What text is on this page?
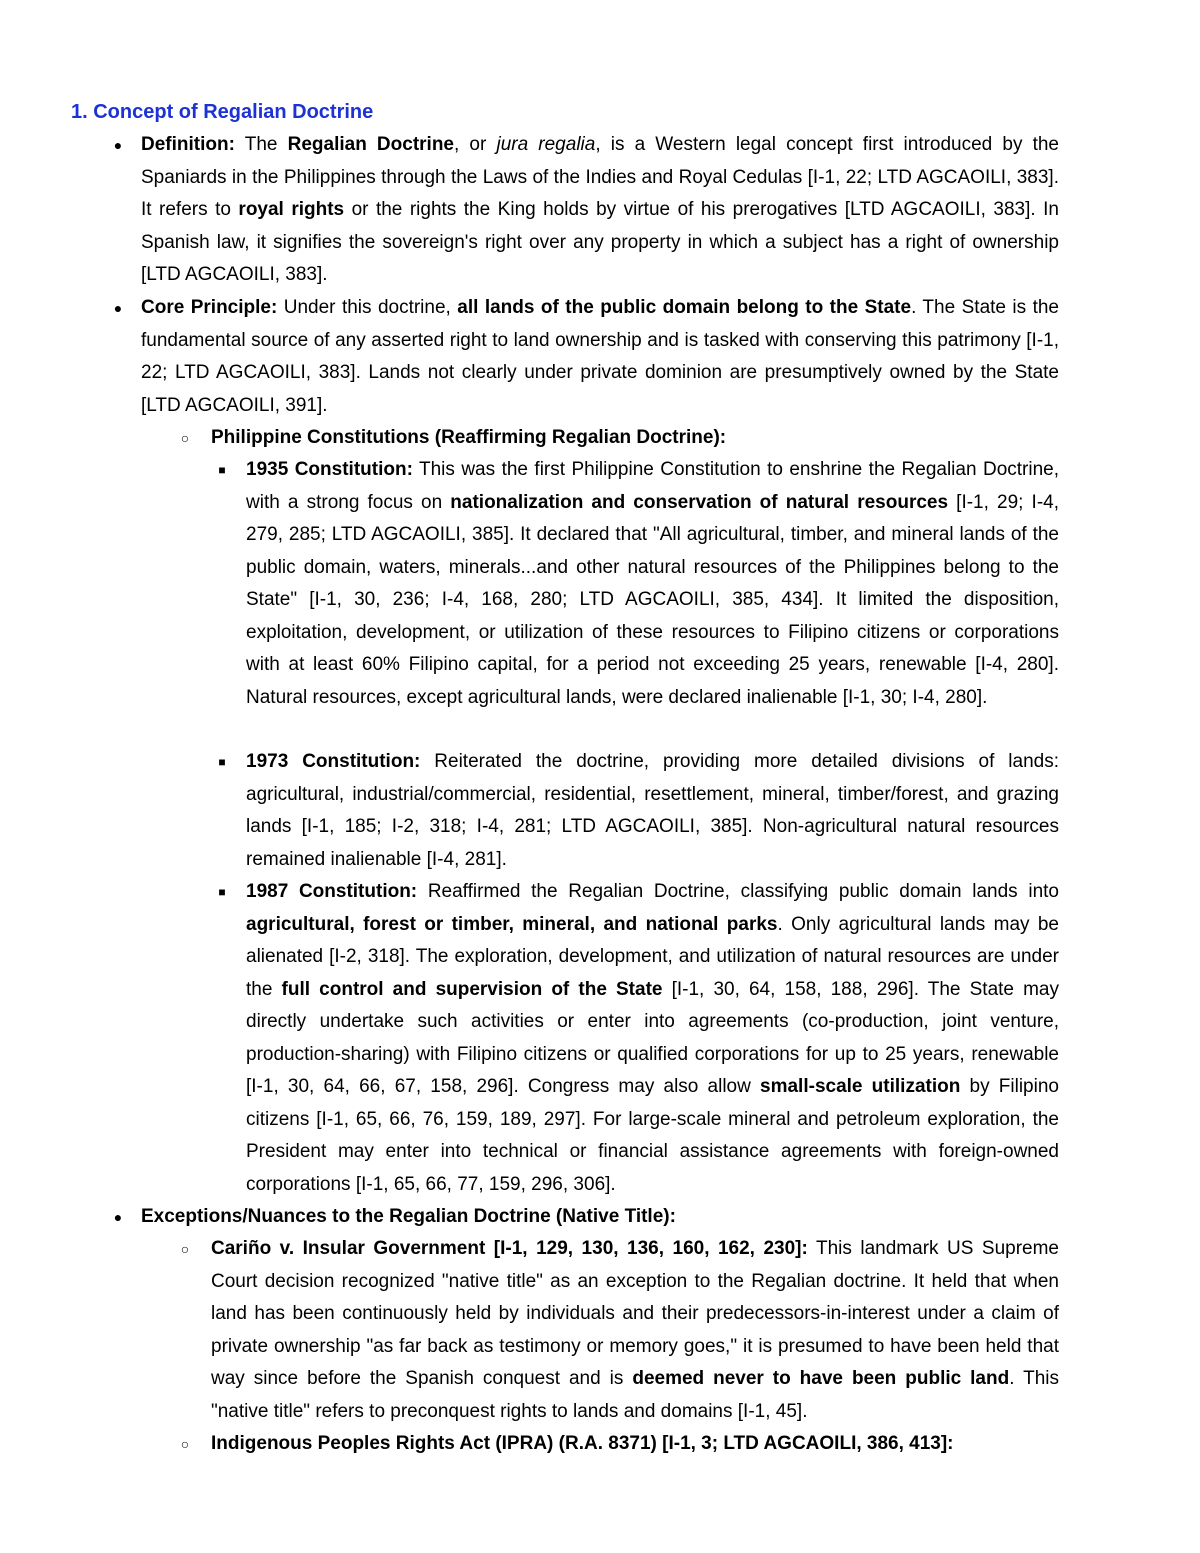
1. Concept of Regalian Doctrine
● Definition: The Regalian Doctrine, or jura regalia, is a Western legal concept first introduced by the Spaniards in the Philippines through the Laws of the Indies and Royal Cedulas [I-1, 22; LTD AGCAOILI, 383]. It refers to royal rights or the rights the King holds by virtue of his prerogatives [LTD AGCAOILI, 383]. In Spanish law, it signifies the sovereign's right over any property in which a subject has a right of ownership [LTD AGCAOILI, 383].

● Core Principle: Under this doctrine, all lands of the public domain belong to the State. The State is the fundamental source of any asserted right to land ownership and is tasked with conserving this patrimony [I-1, 22; LTD AGCAOILI, 383]. Lands not clearly under private dominion are presumptively owned by the State [LTD AGCAOILI, 391].

○	Philippine Constitutions (Reaffirming Regalian Doctrine):

■	1935 Constitution: This was the first Philippine Constitution to enshrine the Regalian Doctrine, with a strong focus on nationalization and conservation of natural resources [I-1, 29; I-4, 279, 285; LTD AGCAOILI, 385]. It declared that "All agricultural, timber, and mineral lands of the public domain, waters, minerals...and other natural resources of the Philippines belong to the State" [I-1, 30, 236; I-4, 168, 280; LTD AGCAOILI, 385, 434]. It limited the disposition, exploitation, development, or utilization of these resources to Filipino citizens or corporations with at least 60% Filipino capital, for a period not exceeding 25 years, renewable [I-4, 280]. Natural resources, except agricultural lands, were declared inalienable [I-1, 30; I-4, 280].

■	1973 Constitution: Reiterated the doctrine, providing more detailed divisions of lands: agricultural, industrial/commercial, residential, resettlement, mineral, timber/forest, and grazing lands [I-1, 185; I-2, 318; I-4, 281; LTD AGCAOILI, 385]. Non-agricultural natural resources remained inalienable [I-4, 281].

■	1987 Constitution: Reaffirmed the Regalian Doctrine, classifying public domain lands into agricultural, forest or timber, mineral, and national parks. Only agricultural lands may be alienated [I-2, 318]. The exploration, development, and utilization of natural resources are under the full control and supervision of the State [I-1, 30, 64, 158, 188, 296]. The State may directly undertake such activities or enter into agreements (co-production, joint venture, production-sharing) with Filipino citizens or qualified corporations for up to 25 years, renewable [I-1, 30, 64, 66, 67, 158, 296]. Congress may also allow small-scale utilization by Filipino citizens [I-1, 65, 66, 76, 159, 189, 297]. For large-scale mineral and petroleum exploration, the President may enter into technical or financial assistance agreements with foreign-owned corporations [I-1, 65, 66, 77, 159, 296, 306].

● Exceptions/Nuances to the Regalian Doctrine (Native Title):

○	Cariño v. Insular Government [I-1, 129, 130, 136, 160, 162, 230]: This landmark US Supreme Court decision recognized "native title" as an exception to the Regalian doctrine. It held that when land has been continuously held by individuals and their predecessors-in-interest under a claim of private ownership "as far back as testimony or memory goes," it is presumed to have been held that way since before the Spanish conquest and is deemed never to have been public land. This "native title" refers to preconquest rights to lands and domains [I-1, 45].

○	Indigenous Peoples Rights Act (IPRA) (R.A. 8371) [I-1, 3; LTD AGCAOILI, 386, 413]:
